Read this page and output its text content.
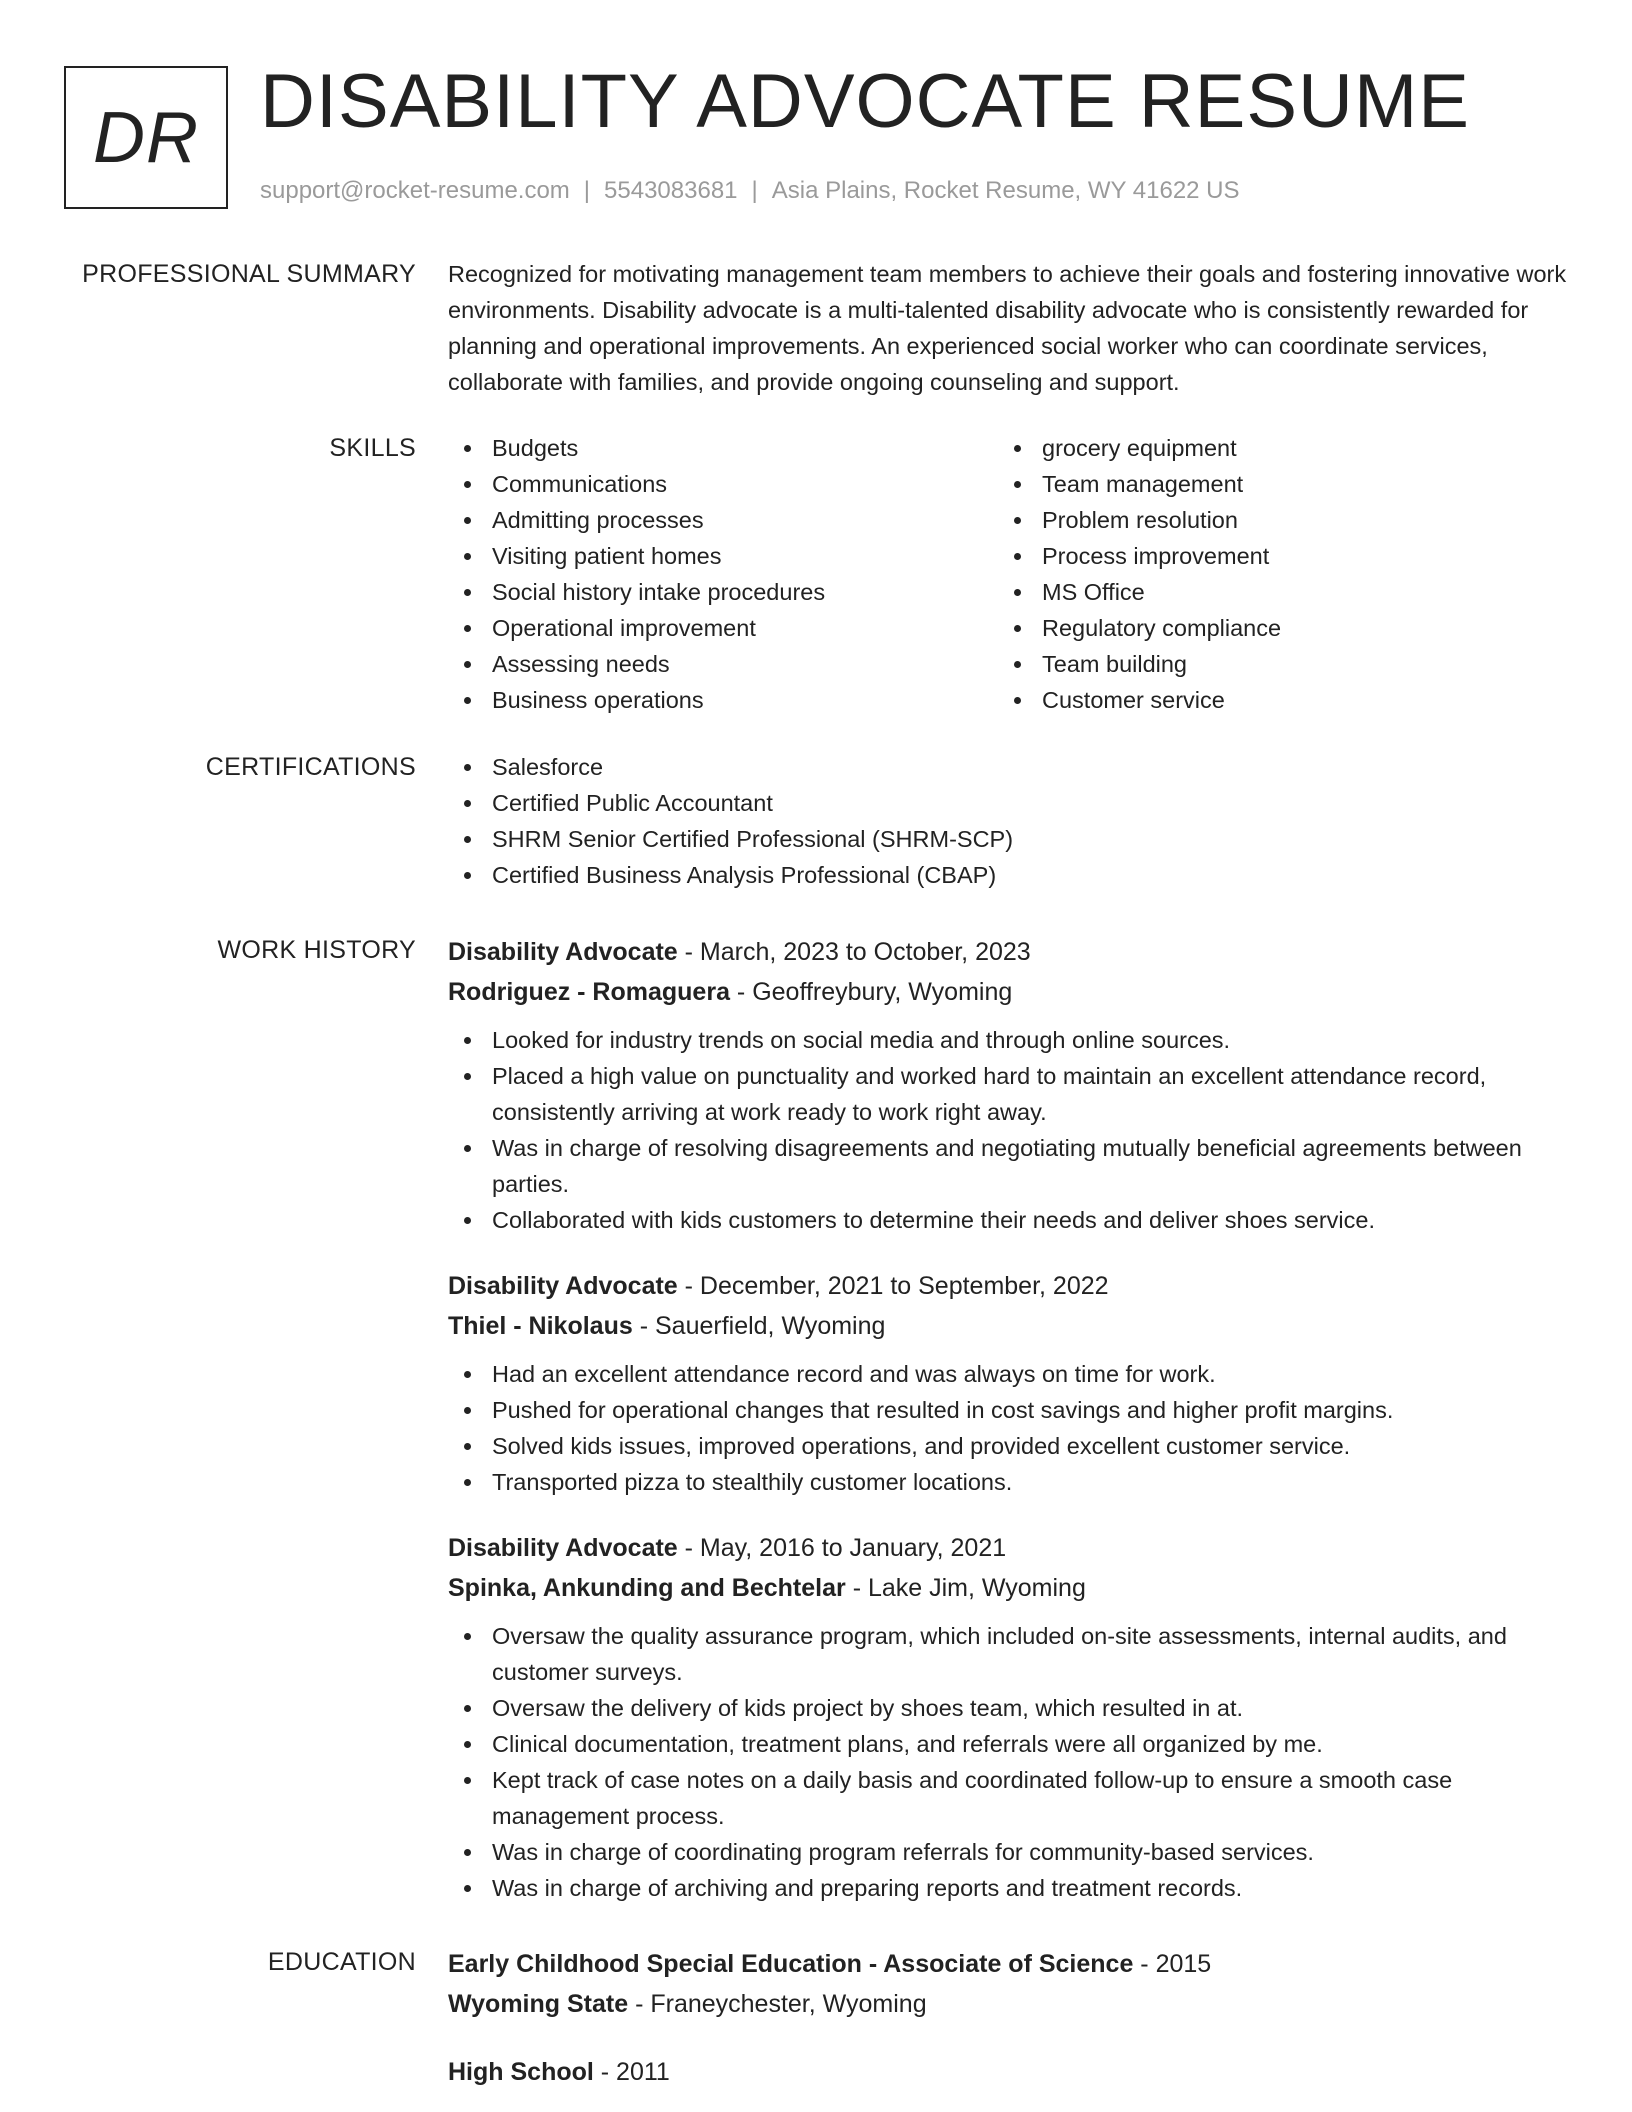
DR DISABILITY ADVOCATE RESUME
support@rocket-resume.com | 5543083681 | Asia Plains, Rocket Resume, WY 41622 US
PROFESSIONAL SUMMARY Recognized for motivating management team members to achieve their goals and fostering innovative work environments. Disability advocate is a multi-talented disability advocate who is consistently rewarded for planning and operational improvements. An experienced social worker who can coordinate services, collaborate with families, and provide ongoing counseling and support.
SKILLS	Budgets
Communications
Admitting processes
Visiting patient homes
Social history intake procedures
Operational improvement
Assessing needs
Business operations
grocery equipment
Team management
Problem resolution
Process improvement
MS Office
Regulatory compliance
Team building
Customer service
CERTIFICATIONS	Salesforce
Certified Public Accountant
SHRM Senior Certified Professional (SHRM-SCP)
Certified Business Analysis Professional (CBAP)
WORK HISTORY Disability Advocate - March, 2023 to October, 2023
Rodriguez - Romaguera - Geoffreybury, Wyoming
Looked for industry trends on social media and through online sources.
Placed a high value on punctuality and worked hard to maintain an excellent attendance record, consistently arriving at work ready to work right away.
Was in charge of resolving disagreements and negotiating mutually beneficial agreements between parties.
Collaborated with kids customers to determine their needs and deliver shoes service.
Disability Advocate - December, 2021 to September, 2022
Thiel - Nikolaus - Sauerfield, Wyoming
Had an excellent attendance record and was always on time for work.
Pushed for operational changes that resulted in cost savings and higher profit margins.
Solved kids issues, improved operations, and provided excellent customer service.
Transported pizza to stealthily customer locations.
Disability Advocate - May, 2016 to January, 2021
Spinka, Ankunding and Bechtelar - Lake Jim, Wyoming
Oversaw the quality assurance program, which included on-site assessments, internal audits, and customer surveys.
Oversaw the delivery of kids project by shoes team, which resulted in at.
Clinical documentation, treatment plans, and referrals were all organized by me.
Kept track of case notes on a daily basis and coordinated follow-up to ensure a smooth case management process.
Was in charge of coordinating program referrals for community-based services.
Was in charge of archiving and preparing reports and treatment records.
EDUCATION Early Childhood Special Education - Associate of Science - 2015
Wyoming State - Franeychester, Wyoming
High School - 2011
